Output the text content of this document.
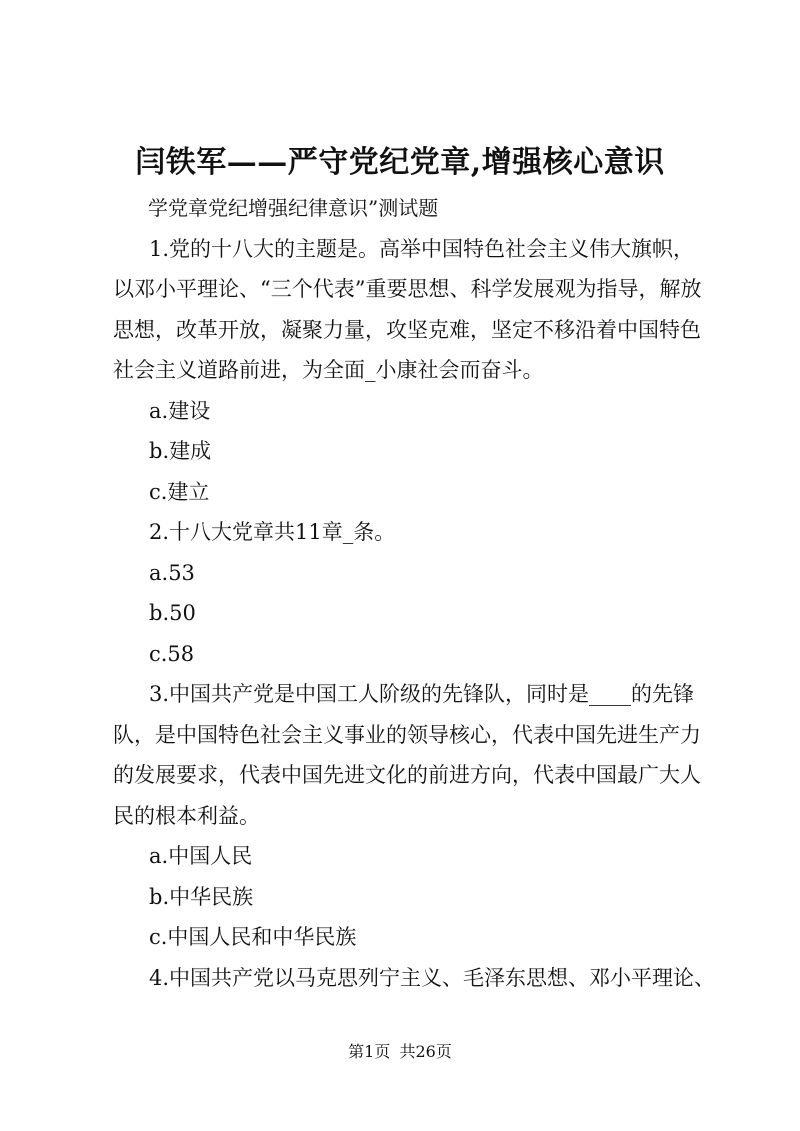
闫铁军——严守党纪党章,增强核心意识

学党章党纪增强纪律意识”测试题

1.党的十八大的主题是。高举中国特色社会主义伟大旗帜，以邓小平理论、“三个代表”重要思想、科学发展观为指导，解放思想，改革开放，凝聚力量，攻坚克难，坚定不移沿着中国特色社会主义道路前进，为全面_小康社会而奋斗。

a.建设

b.建成

c.建立

2.十八大党章共11章_条。

a.53

b.50

c.58

3.中国共产党是中国工人阶级的先锋队，同时是____的先锋队，是中国特色社会主义事业的领导核心，代表中国先进生产力的发展要求，代表中国先进文化的前进方向，代表中国最广大人民的根本利益。

a.中国人民

b.中华民族

c.中国人民和中华民族

4.中国共产党以马克思列宁主义、毛泽东思想、邓小平理论、

第1页 共26页
